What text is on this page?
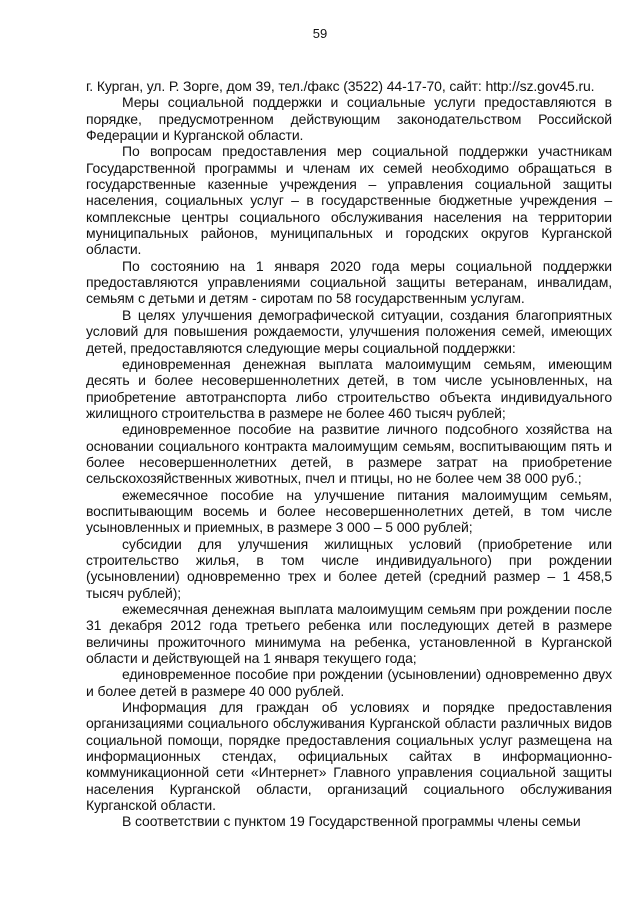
59

г. Курган, ул. Р. Зорге, дом 39, тел./факс (3522) 44-17-70, сайт: http://sz.gov45.ru.

Меры социальной поддержки и социальные услуги предоставляются в порядке, предусмотренном действующим законодательством Российской Федерации и Курганской области.

По вопросам предоставления мер социальной поддержки участникам Государственной программы и членам их семей необходимо обращаться в государственные казенные учреждения – управления социальной защиты населения, социальных услуг – в государственные бюджетные учреждения – комплексные центры социального обслуживания населения на территории муниципальных районов, муниципальных и городских округов Курганской области.

По состоянию на 1 января 2020 года меры социальной поддержки предоставляются управлениями социальной защиты ветеранам, инвалидам, семьям с детьми и детям - сиротам по 58 государственным услугам.

В целях улучшения демографической ситуации, создания благоприятных условий для повышения рождаемости, улучшения положения семей, имеющих детей, предоставляются следующие меры социальной поддержки:

единовременная денежная выплата малоимущим семьям, имеющим десять и более несовершеннолетних детей, в том числе усыновленных, на приобретение автотранспорта либо строительство объекта индивидуального жилищного строительства в размере не более 460 тысяч рублей;

единовременное пособие на развитие личного подсобного хозяйства на основании социального контракта малоимущим семьям, воспитывающим пять и более несовершеннолетних детей, в размере затрат на приобретение сельскохозяйственных животных, пчел и птицы, но не более чем 38 000 руб.;

ежемесячное пособие на улучшение питания малоимущим семьям, воспитывающим восемь и более несовершеннолетних детей, в том числе усыновленных и приемных, в размере 3 000 – 5 000 рублей;

субсидии для улучшения жилищных условий (приобретение или строительство жилья, в том числе индивидуального) при рождении (усыновлении) одновременно трех и более детей (средний размер – 1 458,5 тысяч рублей);

ежемесячная денежная выплата малоимущим семьям при рождении после 31 декабря 2012 года третьего ребенка или последующих детей в размере величины прожиточного минимума на ребенка, установленной в Курганской области и действующей на 1 января текущего года;

единовременное пособие при рождении (усыновлении) одновременно двух и более детей в размере 40 000 рублей.

Информация для граждан об условиях и порядке предоставления организациями социального обслуживания Курганской области различных видов социальной помощи, порядке предоставления социальных услуг размещена на информационных стендах, официальных сайтах в информационно-коммуникационной сети «Интернет» Главного управления социальной защиты населения Курганской области, организаций социального обслуживания Курганской области.

В соответствии с пунктом 19 Государственной программы члены семьи
